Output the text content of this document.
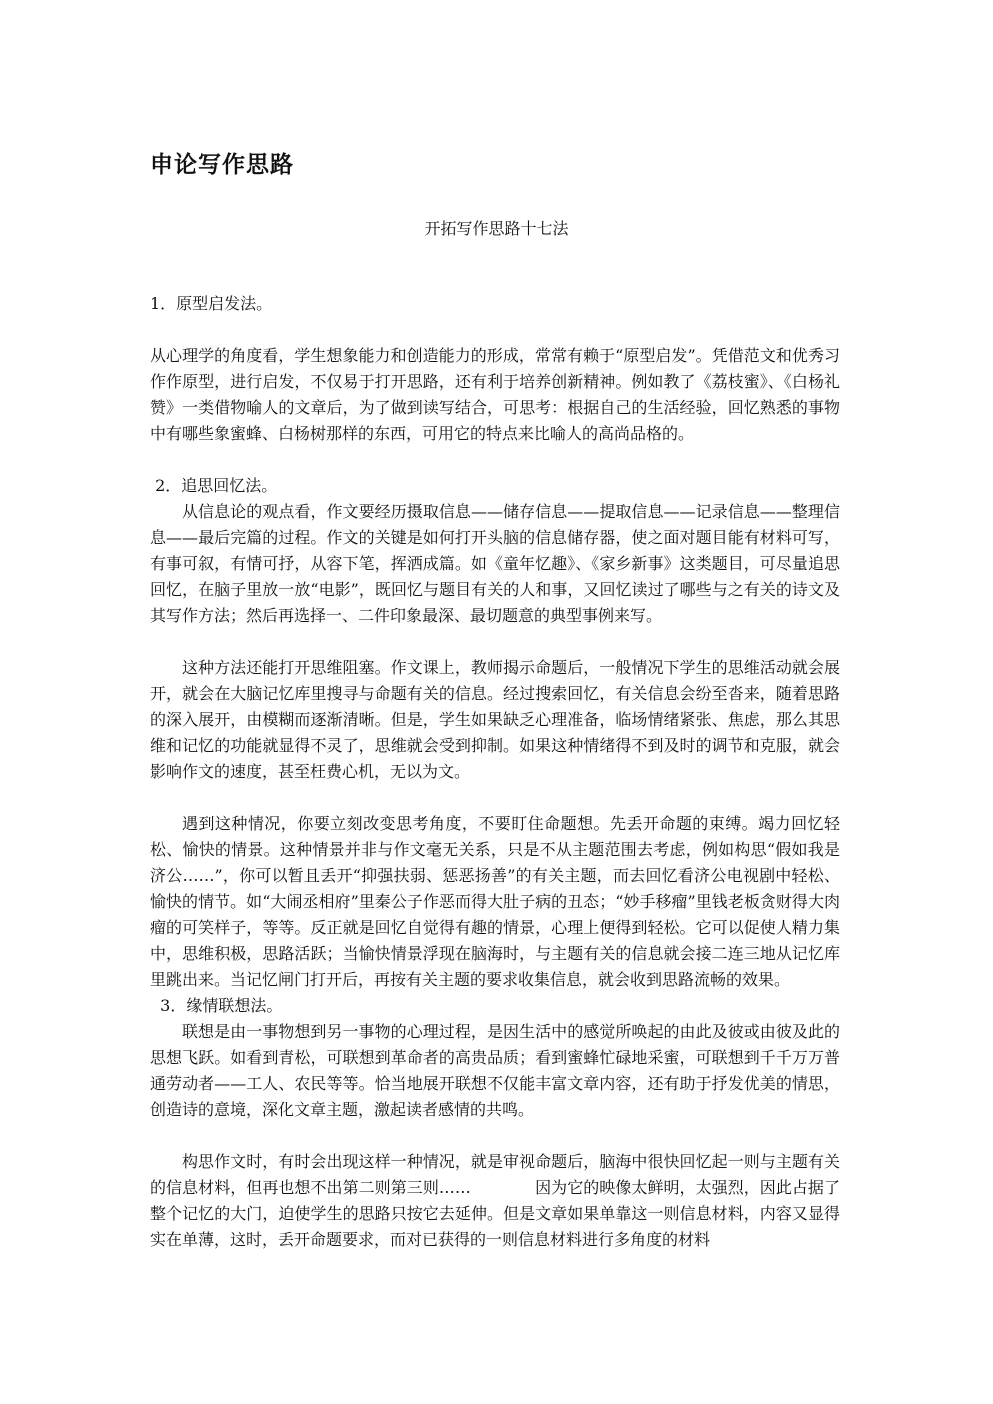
申论写作思路

开拓写作思路十七法

1．原型启发法。

从心理学的角度看，学生想象能力和创造能力的形成，常常有赖于“原型启发”。凭借范文和优秀习作作原型，进行启发，不仅易于打开思路，还有利于培养创新精神。例如教了《荔枝蜜》、《白杨礼赞》一类借物喻人的文章后，为了做到读写结合，可思考：根据自己的生活经验，回忆熟悉的事物中有哪些象蜜蜂、白杨树那样的东西，可用它的特点来比喻人的高尚品格的。

2．追思回忆法。

从信息论的观点看，作文要经历摄取信息——储存信息——提取信息——记录信息——整理信息——最后完篇的过程。作文的关键是如何打开头脑的信息储存器，使之面对题目能有材料可写，有事可叙，有情可抒，从容下笔，挥洒成篇。如《童年忆趣》、《家乡新事》这类题目，可尽量追思回忆，在脑子里放一放“电影”，既回忆与题目有关的人和事，又回忆读过了哪些与之有关的诗文及其写作方法；然后再选择一、二件印象最深、最切题意的典型事例来写。

这种方法还能打开思维阻塞。作文课上，教师揭示命题后，一般情况下学生的思维活动就会展开，就会在大脑记忆库里搜寻与命题有关的信息。经过搜索回忆，有关信息会纷至沓来，随着思路的深入展开，由模糊而逐渐清晰。但是，学生如果缺乏心理准备，临场情绪紧张、焦虑，那么其思维和记忆的功能就显得不灵了，思维就会受到抑制。如果这种情绪得不到及时的调节和克服，就会影响作文的速度，甚至枉费心机，无以为文。

遇到这种情况，你要立刻改变思考角度，不要盯住命题想。先丢开命题的束缚。竭力回忆轻松、愉快的情景。这种情景并非与作文毫无关系，只是不从主题范围去考虑，例如构思“假如我是济公……”，你可以暂且丢开“抑强扶弱、惩恶扬善”的有关主题，而去回忆看济公电视剧中轻松、愉快的情节。如“大闹丞相府”里秦公子作恶而得大肚子病的丑态；“妙手移瘤”里钱老板贪财得大肉瘤的可笑样子，等等。反正就是回忆自觉得有趣的情景，心理上便得到轻松。它可以促使人精力集中，思维积极，思路活跃；当愉快情景浮现在脑海时，与主题有关的信息就会接二连三地从记忆库里跳出来。当记忆闸门打开后，再按有关主题的要求收集信息，就会收到思路流畅的效果。

3．缘情联想法。

联想是由一事物想到另一事物的心理过程，是因生活中的感觉所唤起的由此及彼或由彼及此的思想飞跃。如看到青松，可联想到革命者的高贵品质；看到蜜蜂忙碌地采蜜，可联想到千千万万普通劳动者——工人、农民等等。恰当地展开联想不仅能丰富文章内容，还有助于抒发优美的情思，创造诗的意境，深化文章主题，激起读者感情的共鸣。

构思作文时，有时会出现这样一种情况，就是审视命题后，脑海中很快回忆起一则与主题有关的信息材料，但再也想不出第二则第三则……　　　　因为它的映像太鲜明，太强烈，因此占据了整个记忆的大门，迫使学生的思路只按它去延伸。但是文章如果单靠这一则信息材料，内容又显得实在单薄，这时，丢开命题要求，而对已获得的一则信息材料进行多角度的材料
